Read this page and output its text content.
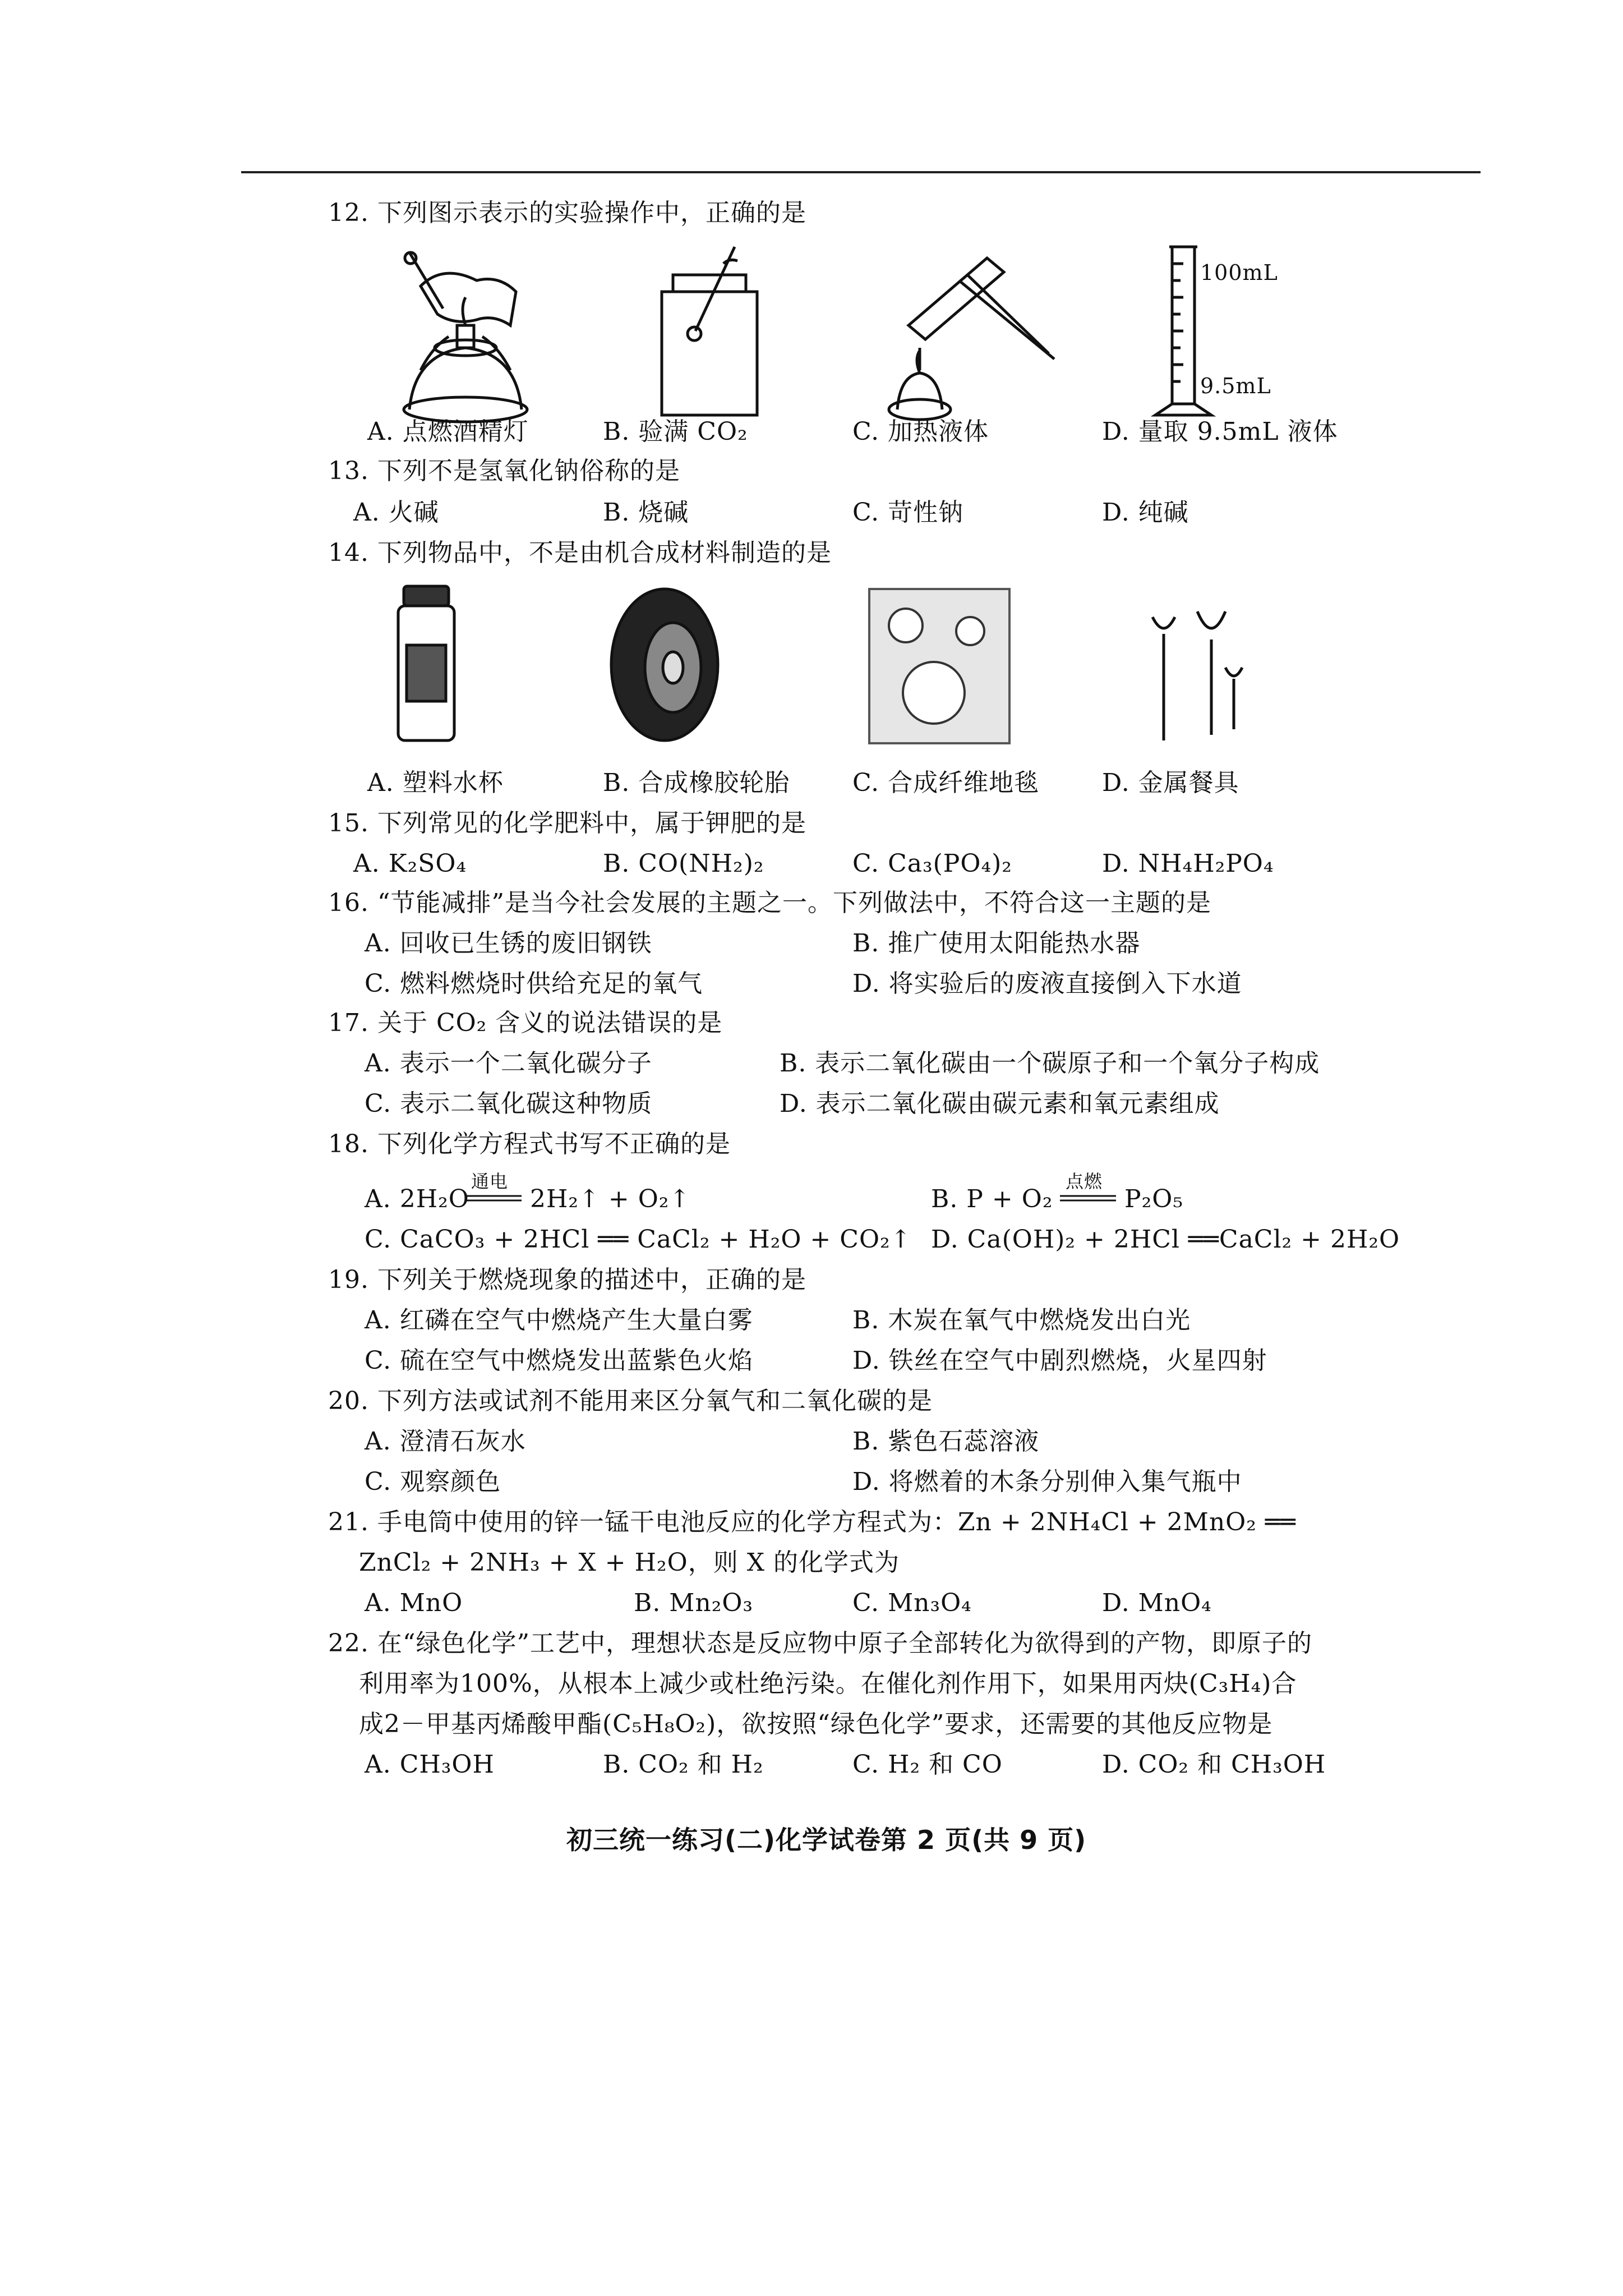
12. 下列图示表示的实验操作中，正确的是
100mL
9.5mL
A. 点燃酒精灯	B. 验满 CO₂	C. 加热液体	D. 量取 9.5mL 液体
13. 下列不是氢氧化钠俗称的是
A. 火碱	B. 烧碱	C. 苛性钠	D. 纯碱
14. 下列物品中，不是由机合成材料制造的是
A. 塑料水杯	B. 合成橡胶轮胎	C. 合成纤维地毯	D. 金属餐具
15. 下列常见的化学肥料中，属于钾肥的是
A. K₂SO₄	B. CO(NH₂)₂	C. Ca₃(PO₄)₂	D. NH₄H₂PO₄
16. “节能减排”是当今社会发展的主题之一。下列做法中，不符合这一主题的是
A. 回收已生锈的废旧钢铁	B. 推广使用太阳能热水器
C. 燃料燃烧时供给充足的氧气	D. 将实验后的废液直接倒入下水道
17. 关于 CO₂ 含义的说法错误的是
A. 表示一个二氧化碳分子	B. 表示二氧化碳由一个碳原子和一个氧分子构成
C. 表示二氧化碳这种物质	D. 表示二氧化碳由碳元素和氧元素组成
18. 下列化学方程式书写不正确的是
A. 2H₂O
通电
2H₂↑ + O₂↑	B. P + O₂
点燃
P₂O₅
C. CaCO₃ + 2HCl ══ CaCl₂ + H₂O + CO₂↑ D. Ca(OH)₂ + 2HCl ══CaCl₂ + 2H₂O
19. 下列关于燃烧现象的描述中，正确的是
A. 红磷在空气中燃烧产生大量白雾	B. 木炭在氧气中燃烧发出白光
C. 硫在空气中燃烧发出蓝紫色火焰	D. 铁丝在空气中剧烈燃烧，火星四射
20. 下列方法或试剂不能用来区分氧气和二氧化碳的是
A. 澄清石灰水	B. 紫色石蕊溶液
C. 观察颜色	D. 将燃着的木条分别伸入集气瓶中
21. 手电筒中使用的锌一锰干电池反应的化学方程式为：Zn + 2NH₄Cl + 2MnO₂ ══
ZnCl₂ + 2NH₃ + X + H₂O，则 X 的化学式为
A. MnO	B. Mn₂O₃	C. Mn₃O₄	D. MnO₄
22. 在“绿色化学”工艺中，理想状态是反应物中原子全部转化为欲得到的产物，即原子的
利用率为100%，从根本上减少或杜绝污染。在催化剂作用下，如果用丙炔(C₃H₄)合
成2－甲基丙烯酸甲酯(C₅H₈O₂)，欲按照“绿色化学”要求，还需要的其他反应物是
A. CH₃OH	B. CO₂ 和 H₂	C. H₂ 和 CO	D. CO₂ 和 CH₃OH
初三统一练习(二)化学试卷第 2 页(共 9 页)
